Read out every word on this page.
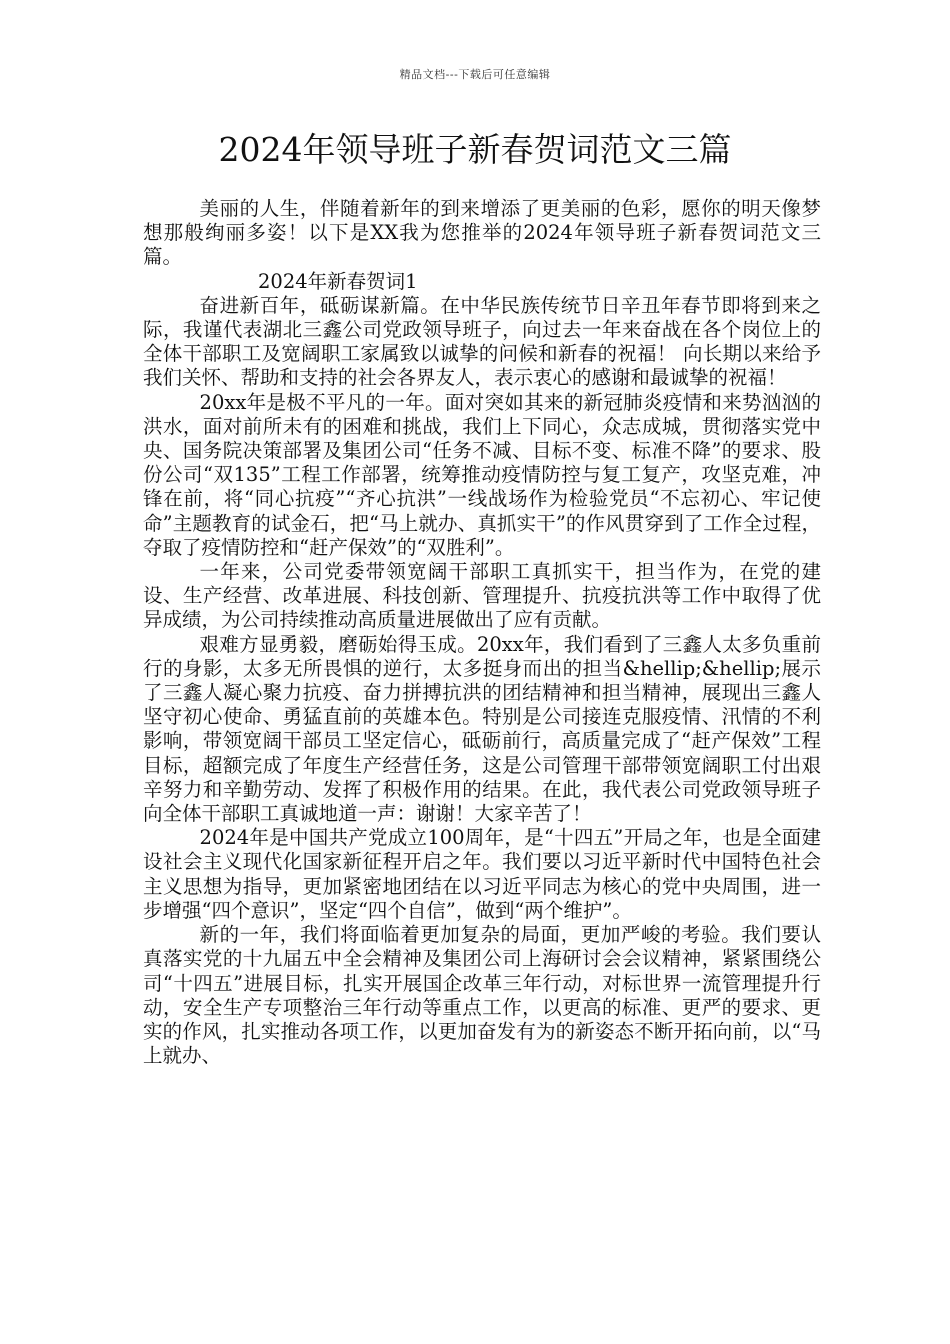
精品文档---下载后可任意编辑
2024年领导班子新春贺词范文三篇

美丽的人生，伴随着新年的到来增添了更美丽的色彩，愿你的明天像梦想那般绚丽多姿！以下是XX我为您推举的2024年领导班子新春贺词范文三篇。

2024年新春贺词1

奋进新百年，砥砺谋新篇。在中华民族传统节日辛丑年春节即将到来之际，我谨代表湖北三鑫公司党政领导班子，向过去一年来奋战在各个岗位上的全体干部职工及宽阔职工家属致以诚挚的问候和新春的祝福！ 向长期以来给予我们关怀、帮助和支持的社会各界友人，表示衷心的感谢和最诚挚的祝福！

20xx年是极不平凡的一年。面对突如其来的新冠肺炎疫情和来势汹汹的洪水，面对前所未有的困难和挑战，我们上下同心，众志成城，贯彻落实党中央、国务院决策部署及集团公司“任务不减、目标不变、标准不降”的要求、股份公司“双135”工程工作部署，统筹推动疫情防控与复工复产，攻坚克难，冲锋在前，将“同心抗疫”“齐心抗洪”一线战场作为检验党员“不忘初心、牢记使命”主题教育的试金石，把“马上就办、真抓实干”的作风贯穿到了工作全过程，夺取了疫情防控和“赶产保效”的“双胜利”。

一年来，公司党委带领宽阔干部职工真抓实干，担当作为，在党的建设、生产经营、改革进展、科技创新、管理提升、抗疫抗洪等工作中取得了优异成绩，为公司持续推动高质量进展做出了应有贡献。

艰难方显勇毅，磨砺始得玉成。20xx年，我们看到了三鑫人太多负重前行的身影，太多无所畏惧的逆行，太多挺身而出的担当&hellip;&hellip;展示了三鑫人凝心聚力抗疫、奋力拼搏抗洪的团结精神和担当精神，展现出三鑫人坚守初心使命、勇猛直前的英雄本色。特别是公司接连克服疫情、汛情的不利影响，带领宽阔干部员工坚定信心，砥砺前行，高质量完成了“赶产保效”工程目标，超额完成了年度生产经营任务，这是公司管理干部带领宽阔职工付出艰辛努力和辛勤劳动、发挥了积极作用的结果。在此，我代表公司党政领导班子向全体干部职工真诚地道一声：谢谢！大家辛苦了！

2024年是中国共产党成立100周年，是“十四五”开局之年，也是全面建设社会主义现代化国家新征程开启之年。我们要以习近平新时代中国特色社会主义思想为指导，更加紧密地团结在以习近平同志为核心的党中央周围，进一步增强“四个意识”，坚定“四个自信”，做到“两个维护”。

新的一年，我们将面临着更加复杂的局面，更加严峻的考验。我们要认真落实党的十九届五中全会精神及集团公司上海研讨会会议精神，紧紧围绕公司“十四五”进展目标，扎实开展国企改革三年行动，对标世界一流管理提升行动，安全生产专项整治三年行动等重点工作，以更高的标准、更严的要求、更实的作风，扎实推动各项工作，以更加奋发有为的新姿态不断开拓向前，以“马上就办、
